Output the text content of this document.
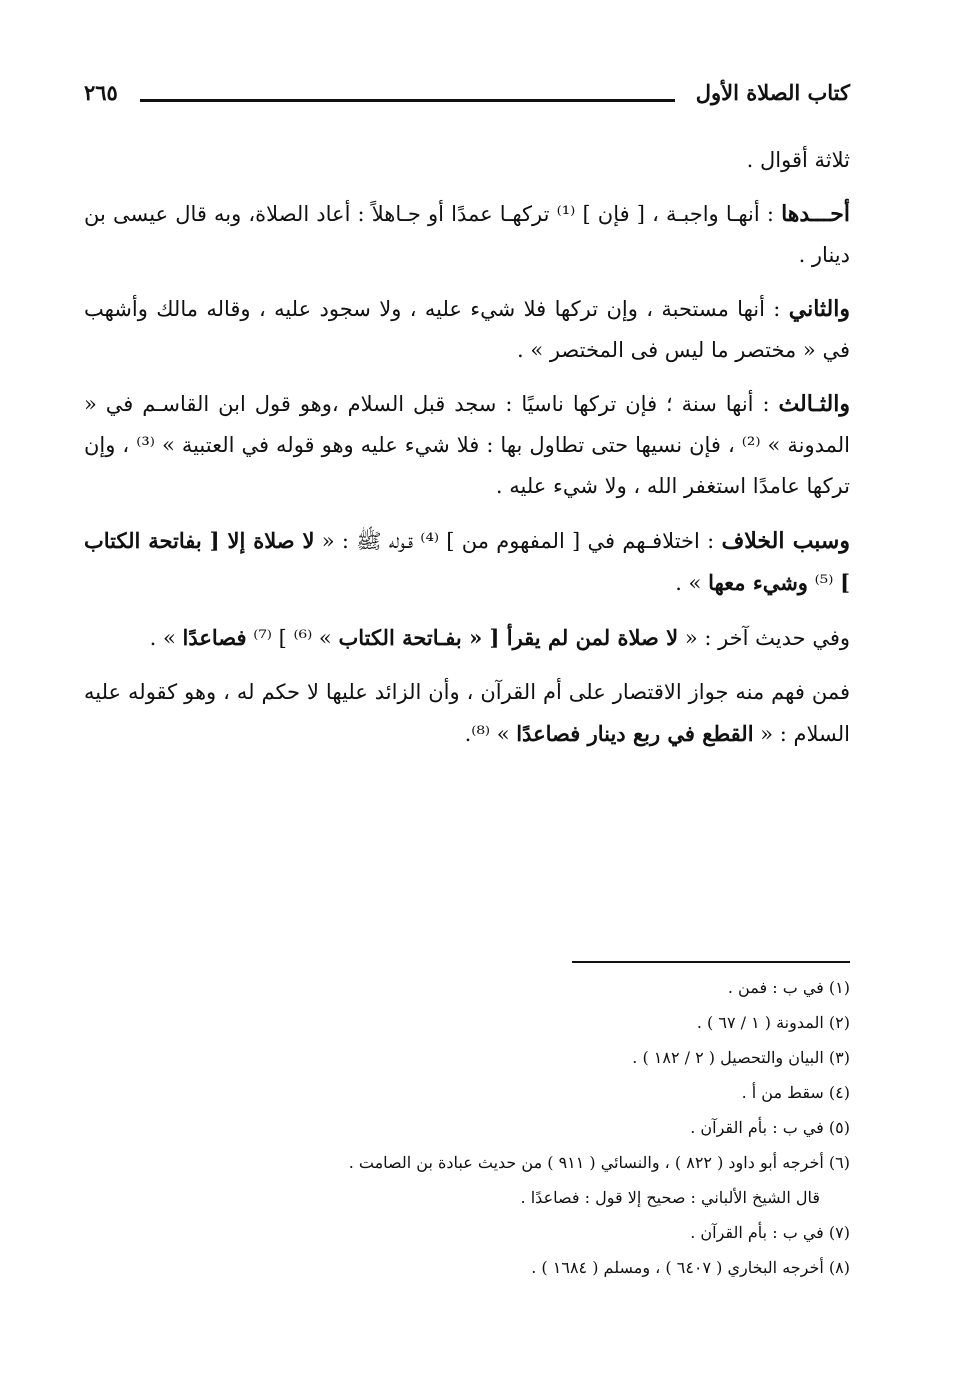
كتاب الصلاة الأول
٢٦٥

ثلاثة أقوال .

أحـــدها : أنهـا واجبـة ، [ فإن ] ⁽¹⁾ تركهـا عمدًا أو جـاهلاً : أعاد الصلاة، وبه قال عيسى بن دينار .

والثاني : أنها مستحبة ، وإن تركها فلا شيء عليه ، ولا سجود عليه ، وقاله مالك وأشهب في « مختصر ما ليس فى المختصر » .

والثـالث : أنها سنة ؛ فإن تركها ناسيًا : سجد قبل السلام ،وهو قول ابن القاسـم في « المدونة » ⁽²⁾ ، فإن نسيها حتى تطاول بها : فلا شيء عليه وهو قوله في العتبية » ⁽³⁾ ، وإن تركها عامدًا استغفر الله ، ولا شيء عليه .

وسبب الخلاف : اختلافـهم في [ المفهوم من ] ⁽⁴⁾ قـوله ﷺ : « لا صلاة إلا [ بفاتحة الكتاب ] ⁽⁵⁾ وشيء معها » .

وفي حديث آخر : « لا صلاة لمن لم يقرأ [ « بفـاتحة الكتاب » ⁽⁶⁾ ] ⁽⁷⁾ فصاعدًا » .

فمن فهم منه جواز الاقتصار على أم القرآن ، وأن الزائد عليها لا حكم له ، وهو كقوله عليه السلام : « القطع في ربع دينار فصاعدًا » ⁽⁸⁾.

(١) في ب : فمن .
(٢) المدونة ( ١ / ٦٧ ) .
(٣) البيان والتحصيل ( ٢ / ١٨٢ ) .
(٤) سقط من أ .
(٥) في ب : بأم القرآن .
(٦) أخرجه أبو داود ( ٨٢٢ ) ، والنسائي ( ٩١١ ) من حديث عبادة بن الصامت .
قال الشيخ الألباني : صحيح إلا قول : فصاعدًا .
(٧) في ب : بأم القرآن .
(٨) أخرجه البخاري ( ٦٤٠٧ ) ، ومسلم ( ١٦٨٤ ) .
